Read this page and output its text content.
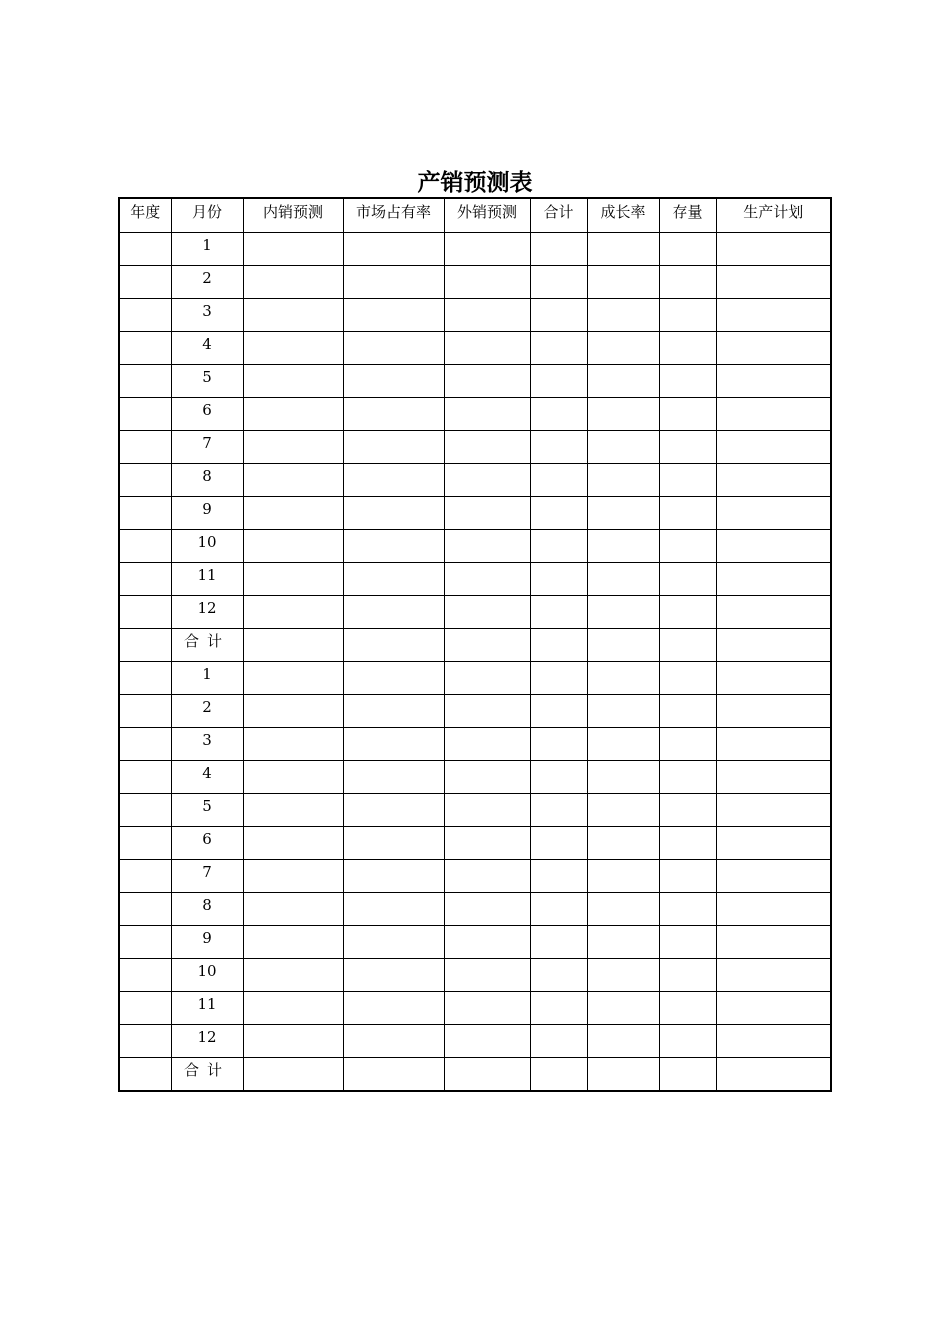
产销预测表
年度	月份	内销预测	市场占有率	外销预测	合计	成长率	存量	生产计划
	1							
	2							
	3							
	4							
	5							
	6							
	7							
	8							
	9							
	10							
	11							
	12							
	合计							
	1							
	2							
	3							
	4							
	5							
	6							
	7							
	8							
	9							
	10							
	11							
	12							
	合计							
